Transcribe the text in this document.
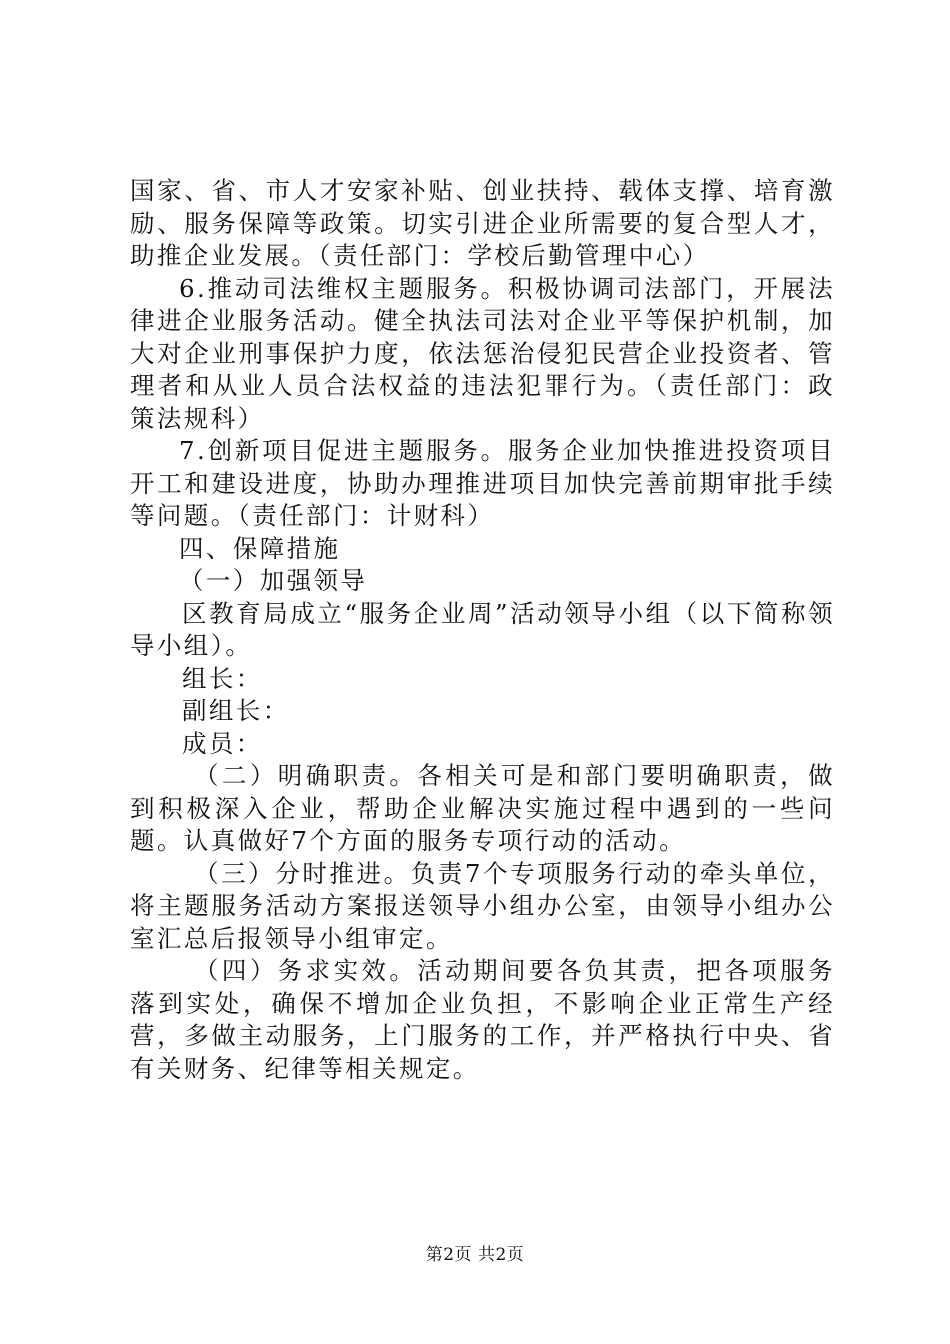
国家、省、市人才安家补贴、创业扶持、载体支撑、培育激励、服务保障等政策。切实引进企业所需要的复合型人才，助推企业发展。（责任部门：学校后勤管理中心）

6.推动司法维权主题服务。积极协调司法部门，开展法律进企业服务活动。健全执法司法对企业平等保护机制，加大对企业刑事保护力度，依法惩治侵犯民营企业投资者、管理者和从业人员合法权益的违法犯罪行为。（责任部门：政策法规科）

7.创新项目促进主题服务。服务企业加快推进投资项目开工和建设进度，协助办理推进项目加快完善前期审批手续等问题。（责任部门：计财科）

四、保障措施

（一）加强领导

区教育局成立“服务企业周”活动领导小组（以下简称领导小组）。

组长：

副组长：

成员：

（二）明确职责。各相关可是和部门要明确职责，做到积极深入企业，帮助企业解决实施过程中遇到的一些问题。认真做好7个方面的服务专项行动的活动。

（三）分时推进。负责7个专项服务行动的牵头单位，将主题服务活动方案报送领导小组办公室，由领导小组办公室汇总后报领导小组审定。

（四）务求实效。活动期间要各负其责，把各项服务落到实处，确保不增加企业负担，不影响企业正常生产经营，多做主动服务，上门服务的工作，并严格执行中央、省有关财务、纪律等相关规定。

第2页 共2页
